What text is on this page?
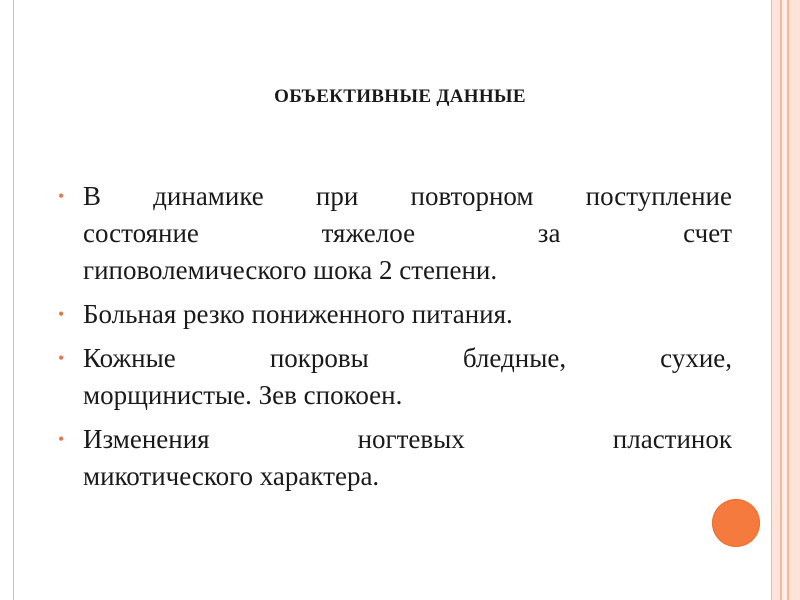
ОБЪЕКТИВНЫЕ ДАННЫЕ
• В динамике при повторном поступление
состояние тяжелое за счет
гиповолемического шока 2 степени.
• Больная резко пониженного питания.
• Кожные покровы бледные, сухие,
морщинистые. Зев спокоен.
• Изменения ногтевых пластинок
микотического характера.
